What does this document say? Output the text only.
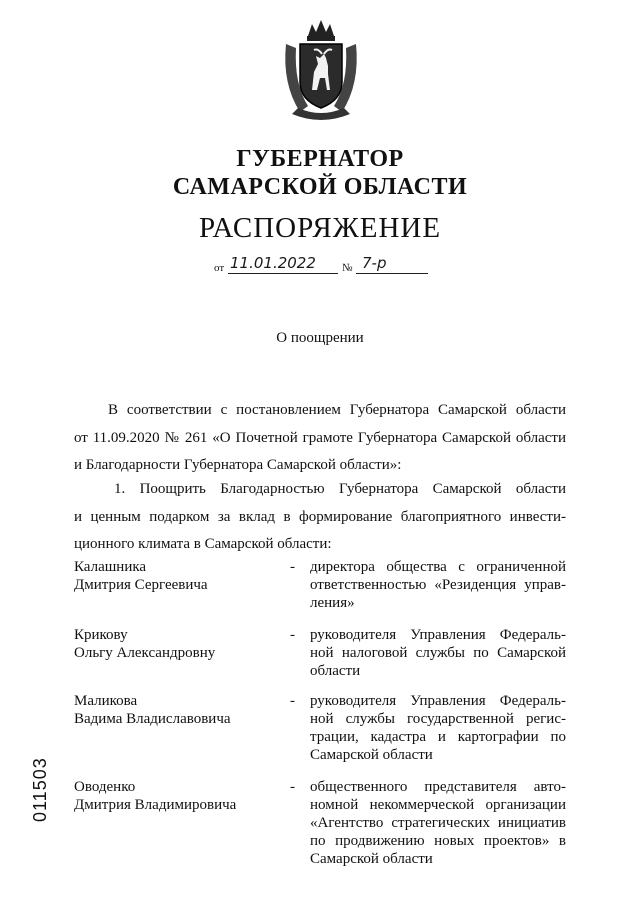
ГУБЕРНАТОР
САМАРСКОЙ ОБЛАСТИ
РАСПОРЯЖЕНИЕ
от 11.01.2022 № 7-р
О поощрении
В соответствии с постановлением Губернатора Самарской области
от 11.09.2020 № 261 «О Почетной грамоте Губернатора Самарской области
и Благодарности Губернатора Самарской области»:
1. Поощрить Благодарностью Губернатора Самарской области
и ценным подарком за вклад в формирование благоприятного инвести-
ционного климата в Самарской области:
Калашника
Дмитрия Сергеевича
- директора общества с ограниченной
ответственностью «Резиденция управ-
ления»
Крикову
Ольгу Александровну
- руководителя Управления Федераль-
ной налоговой службы по Самарской
области
Маликова
Вадима Владиславовича
- руководителя Управления Федераль-
ной службы государственной регис-
трации, кадастра и картографии по
Самарской области
Оводенко
Дмитрия Владимировича
- общественного представителя авто-
номной некоммерческой организации
«Агентство стратегических инициатив
по продвижению новых проектов» в
Самарской области
011503
